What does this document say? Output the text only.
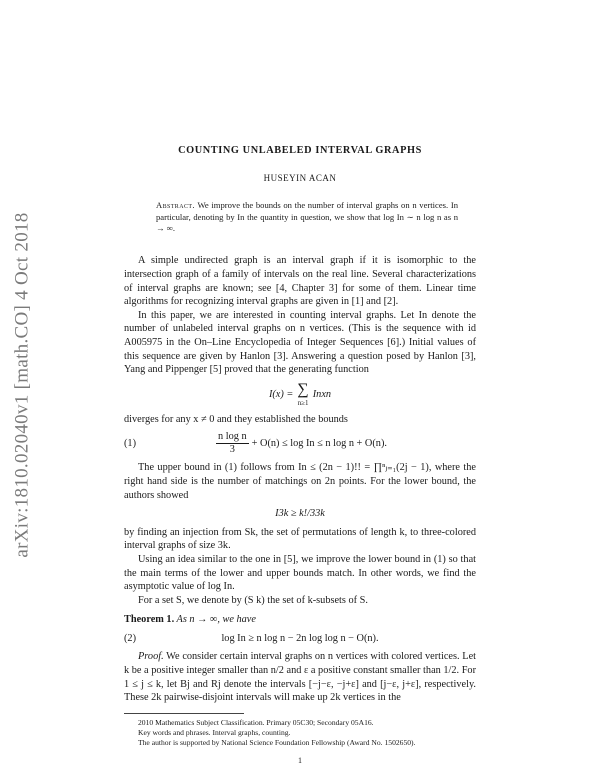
arXiv:1810.02040v1 [math.CO] 4 Oct 2018
COUNTING UNLABELED INTERVAL GRAPHS
HUSEYIN ACAN
Abstract. We improve the bounds on the number of interval graphs on n vertices. In particular, denoting by In the quantity in question, we show that log In ∼ n log n as n → ∞.

A simple undirected graph is an interval graph if it is isomorphic to the intersection graph of a family of intervals on the real line. Several characterizations of interval graphs are known; see [4, Chapter 3] for some of them. Linear time algorithms for recognizing interval graphs are given in [1] and [2].

In this paper, we are interested in counting interval graphs. Let In denote the number of unlabeled interval graphs on n vertices. (This is the sequence with id A005975 in the On–Line Encyclopedia of Integer Sequences [6].) Initial values of this sequence are given by Hanlon [3]. Answering a question posed by Hanlon [3], Yang and Pippenger [5] proved that the generating function

I(x) = ∑
n≥1
Inxn

diverges for any x ≠ 0 and they established the bounds

(1)	$\frac{\text{n log n}}{3} + O(n) \le \log In \le n$ log n + O(n).

The upper bound in (1) follows from In ≤ (2n − 1)!! = ∏ⁿⱼ₌₁(2j − 1), where the right hand side is the number of matchings on 2n points. For the lower bound, the authors showed

I3k ≥ k!/33k

by finding an injection from Sk, the set of permutations of length k, to three-colored interval graphs of size 3k.

Using an idea similar to the one in [5], we improve the lower bound in (1) so that the main terms of the lower and upper bounds match. In other words, we find the asymptotic value of log In.

For a set S, we denote by (S k) the set of k-subsets of S.

Theorem 1. As n → ∞, we have

(2)	log In ≥ n log n − 2n log log n − O(n).

Proof. We consider certain interval graphs on n vertices with colored vertices. Let k be a positive integer smaller than n/2 and ε a positive constant smaller than 1/2. For 1 ≤ j ≤ k, let Bj and Rj denote the intervals [−j−ε, −j+ε] and [j−ε, j+ε], respectively. These 2k pairwise-disjoint intervals will make up 2k vertices in the

2010 Mathematics Subject Classification. Primary 05C30; Secondary 05A16.
Key words and phrases. Interval graphs, counting.
The author is supported by National Science Foundation Fellowship (Award No. 1502650).
1
